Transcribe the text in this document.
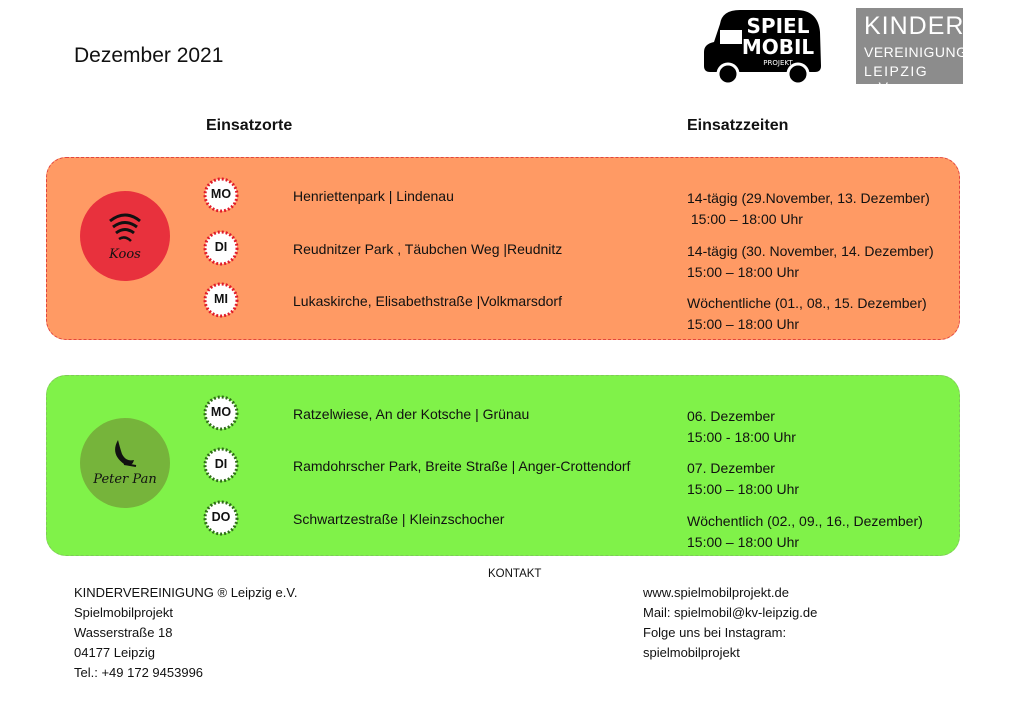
Dezember 2021
SPIEL
MOBIL
PROJEKT
KINDER
VEREINIGUNG
LEIPZIG e.V.
Einsatzorte	Einsatzzeiten
Koos
MO	Henriettenpark | Lindenau	14-tägig (29.November, 13. Dezember)
15:00 – 18:00 Uhr
DI	Reudnitzer Park , Täubchen Weg |Reudnitz	14-tägig (30. November, 14. Dezember)
15:00 – 18:00 Uhr
MI	Lukaskirche, Elisabethstraße |Volkmarsdorf	Wöchentliche (01., 08., 15. Dezember)
15:00 – 18:00 Uhr
Peter Pan
MO	Ratzelwiese, An der Kotsche | Grünau	06. Dezember
15:00 - 18:00 Uhr
DI	Ramdohrscher Park, Breite Straße | Anger-Crottendorf	07. Dezember
15:00 – 18:00 Uhr
DO	Schwartzestraße | Kleinzschocher	Wöchentlich (02., 09., 16., Dezember)
15:00 – 18:00 Uhr
KONTAKT
KINDERVEREINIGUNG ® Leipzig e.V.
Spielmobilprojekt
Wasserstraße 18
04177 Leipzig
Tel.: +49 172 9453996
www.spielmobilprojekt.de
Mail: spielmobil@kv-leipzig.de
Folge uns bei Instagram:
spielmobilprojekt
